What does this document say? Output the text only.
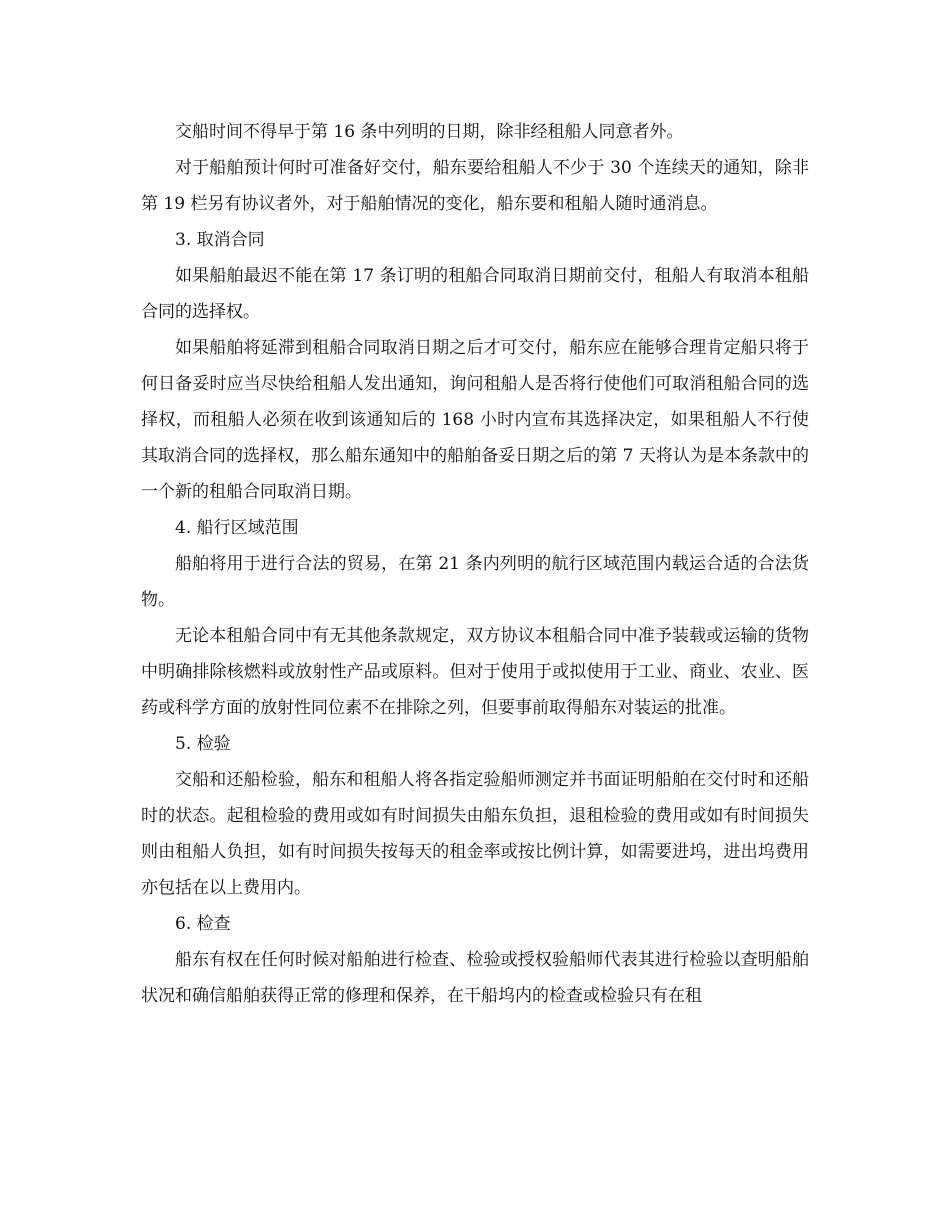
交船时间不得早于第 16 条中列明的日期，除非经租船人同意者外。

对于船舶预计何时可准备好交付，船东要给租船人不少于 30 个连续天的通知，除非第 19 栏另有协议者外，对于船舶情况的变化，船东要和租船人随时通消息。

3. 取消合同

如果船舶最迟不能在第 17 条订明的租船合同取消日期前交付，租船人有取消本租船合同的选择权。

如果船舶将延滞到租船合同取消日期之后才可交付，船东应在能够合理肯定船只将于何日备妥时应当尽快给租船人发出通知，询问租船人是否将行使他们可取消租船合同的选择权，而租船人必须在收到该通知后的 168 小时内宣布其选择决定，如果租船人不行使其取消合同的选择权，那么船东通知中的船舶备妥日期之后的第 7 天将认为是本条款中的一个新的租船合同取消日期。

4. 船行区域范围

船舶将用于进行合法的贸易，在第 21 条内列明的航行区域范围内载运合适的合法货物。

无论本租船合同中有无其他条款规定，双方协议本租船合同中准予装载或运输的货物中明确排除核燃料或放射性产品或原料。但对于使用于或拟使用于工业、商业、农业、医药或科学方面的放射性同位素不在排除之列，但要事前取得船东对装运的批准。

5. 检验

交船和还船检验，船东和租船人将各指定验船师测定并书面证明船舶在交付时和还船时的状态。起租检验的费用或如有时间损失由船东负担，退租检验的费用或如有时间损失则由租船人负担，如有时间损失按每天的租金率或按比例计算，如需要进坞，进出坞费用亦包括在以上费用内。

6. 检查

船东有权在任何时候对船舶进行检查、检验或授权验船师代表其进行检验以查明船舶状况和确信船舶获得正常的修理和保养，在干船坞内的检查或检验只有在租
